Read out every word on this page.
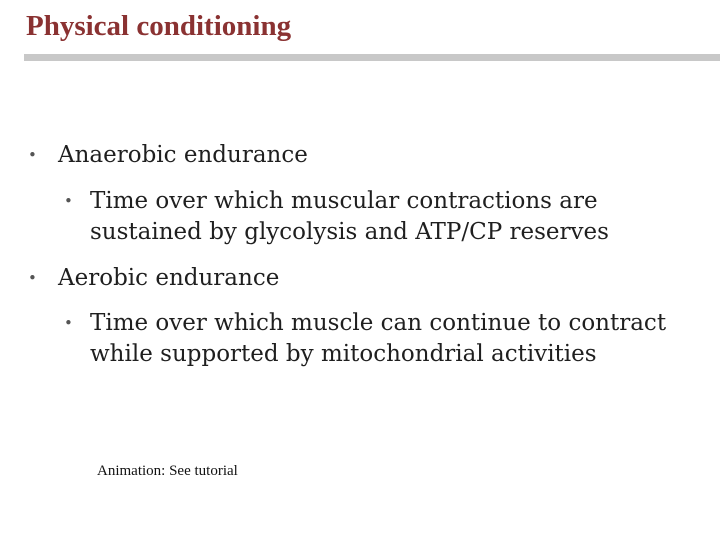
Physical conditioning
• Anaerobic endurance
• Time over which muscular contractions are sustained by glycolysis and ATP/CP reserves
• Aerobic endurance
• Time over which muscle can continue to contract while supported by mitochondrial activities
Animation: See tutorial
